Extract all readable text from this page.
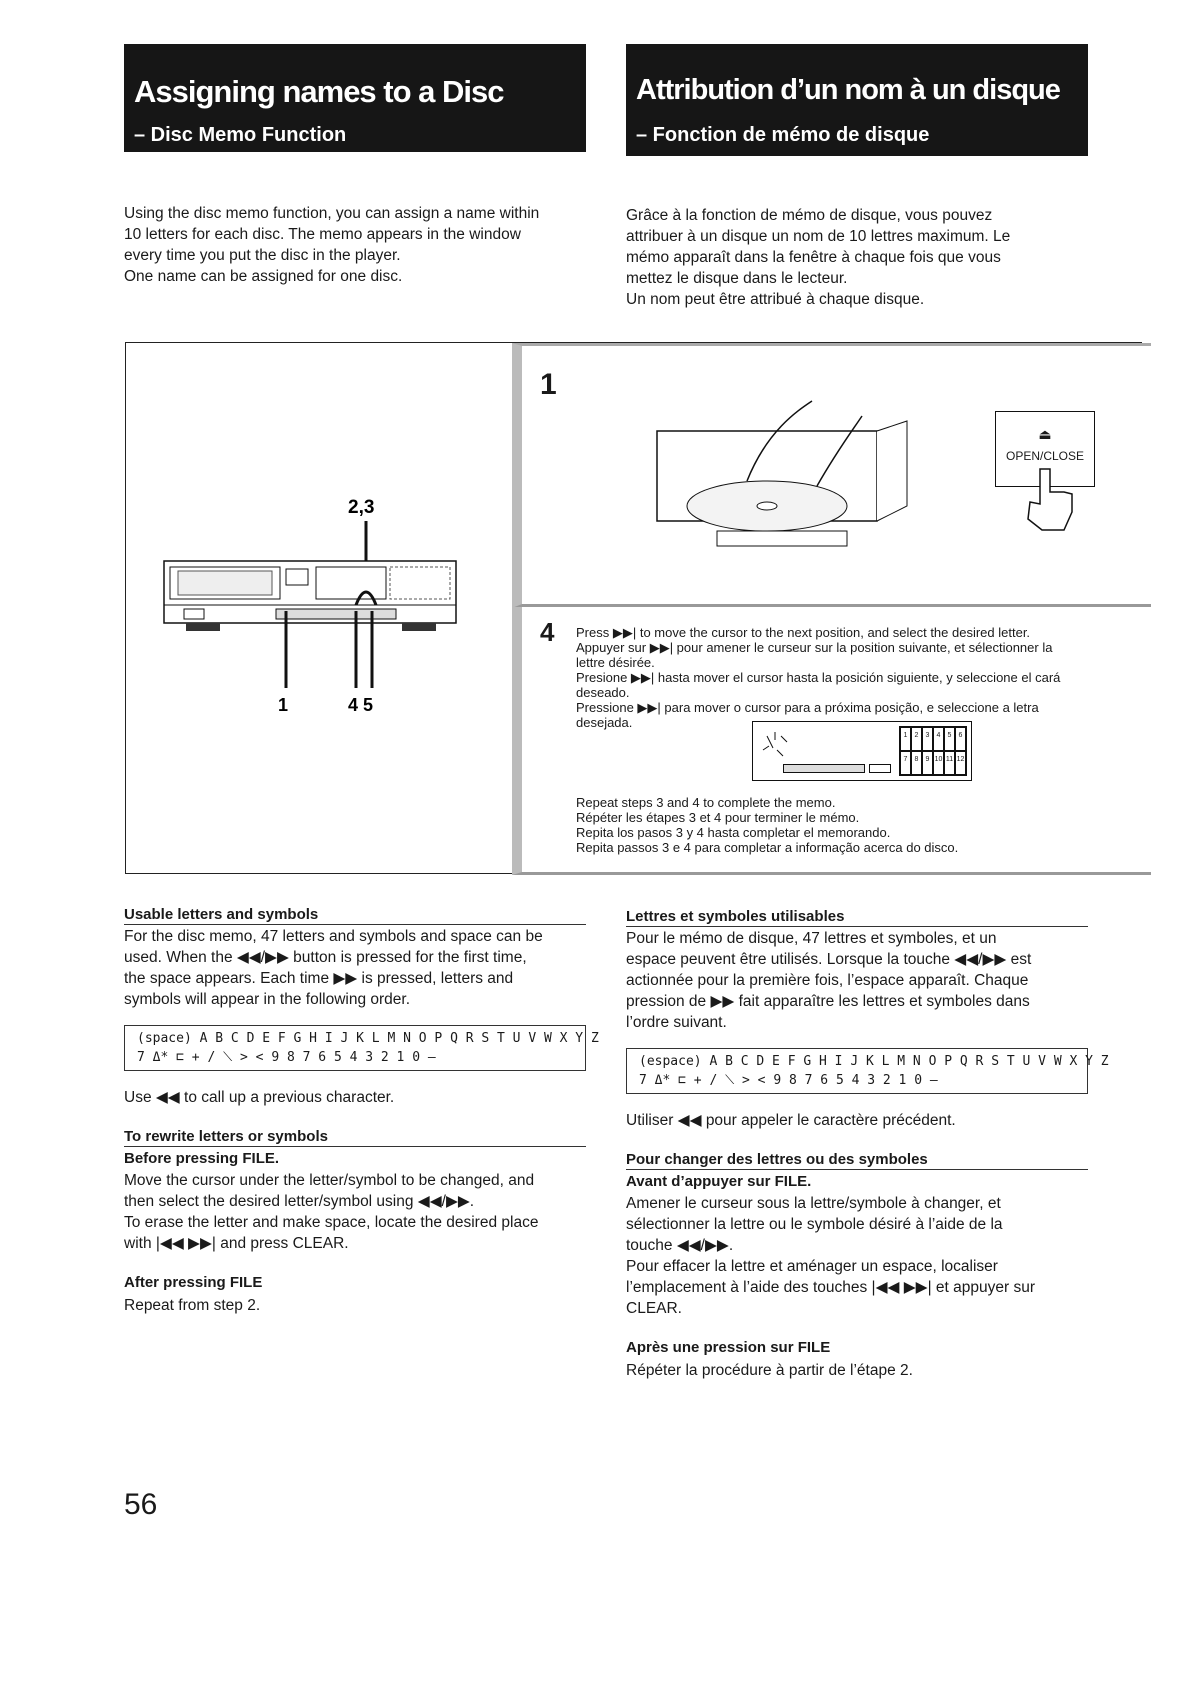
Assigning names to a Disc
– Disc Memo Function
Attribution d’un nom à un disque
– Fonction de mémo de disque
Using the disc memo function, you can assign a name within
10 letters for each disc. The memo appears in the window
every time you put the disc in the player.
One name can be assigned for one disc.
Grâce à la fonction de mémo de disque, vous pouvez
attribuer à un disque un nom de 10 lettres maximum. Le
mémo apparaît dans la fenêtre à chaque fois que vous
mettez le disque dans le lecteur.
Un nom peut être attribué à chaque disque.
2,3
1	4 5
1
⏏
OPEN/CLOSE
4 Press ▶▶| to move the cursor to the next position, and select the desired letter.
Appuyer sur ▶▶| pour amener le curseur sur la position suivante, et sélectionner la
lettre désirée.
Presione ▶▶| hasta mover el cursor hasta la posición siguiente, y seleccione el cará
deseado.
Pressione ▶▶| para mover o cursor para a próxima posição, e seleccione a letra
desejada.
1	2	3	4	5	6
7	8	9 10 11 12
Repeat steps 3 and 4 to complete the memo.
Répéter les étapes 3 et 4 pour terminer le mémo.
Repita los pasos 3 y 4 hasta completar el memorando.
Repita passos 3 e 4 para completar a informação acerca do disco.
Usable letters and symbols
For the disc memo, 47 letters and symbols and space can be
used. When the ◀◀/▶▶ button is pressed for the first time,
the space appears. Each time ▶▶ is pressed, letters and
symbols will appear in the following order.
(space) A B C D E F G H I J K L M N O P Q R S T U V W X Y Z
7 Δ* ⊏ + / ⟍ > < 9 8 7 6 5 4 3 2 1 0 –
Use ◀◀ to call up a previous character.
To rewrite letters or symbols
Before pressing FILE.
Move the cursor under the letter/symbol to be changed, and
then select the desired letter/symbol using ◀◀/▶▶.
To erase the letter and make space, locate the desired place
with |◀◀ ▶▶| and press CLEAR.
After pressing FILE
Repeat from step 2.
Lettres et symboles utilisables
Pour le mémo de disque, 47 lettres et symboles, et un
espace peuvent être utilisés. Lorsque la touche ◀◀/▶▶ est
actionnée pour la première fois, l’espace apparaît. Chaque
pression de ▶▶ fait apparaître les lettres et symboles dans
l’ordre suivant.
(espace) A B C D E F G H I J K L M N O P Q R S T U V W X Y Z
7 Δ* ⊏ + / ⟍ > < 9 8 7 6 5 4 3 2 1 0 –
Utiliser ◀◀ pour appeler le caractère précédent.
Pour changer des lettres ou des symboles
Avant d’appuyer sur FILE.
Amener le curseur sous la lettre/symbole à changer, et
sélectionner la lettre ou le symbole désiré à l’aide de la
touche ◀◀/▶▶.
Pour effacer la lettre et aménager un espace, localiser
l’emplacement à l’aide des touches |◀◀ ▶▶| et appuyer sur
CLEAR.
Après une pression sur FILE
Répéter la procédure à partir de l’étape 2.
56
